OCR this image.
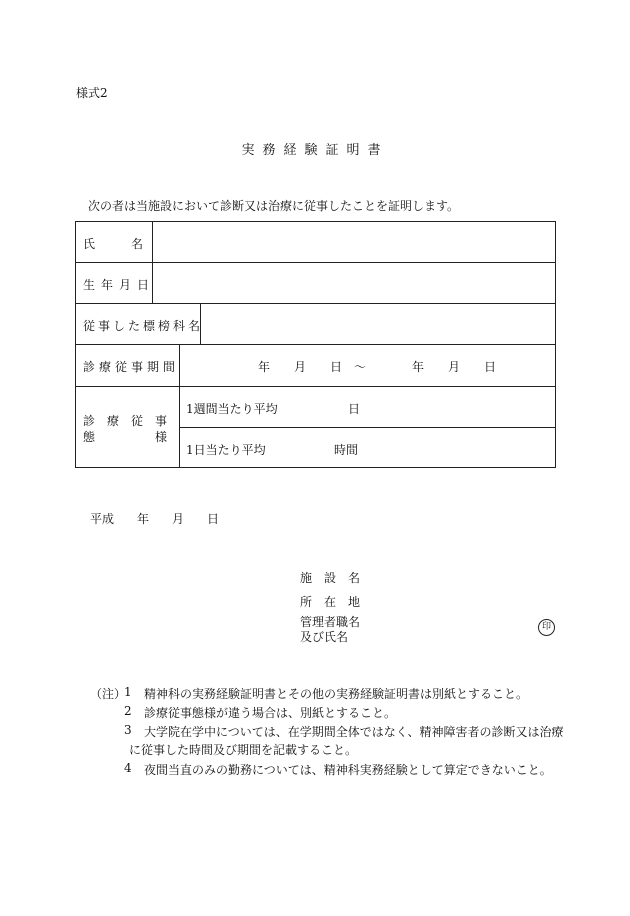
様式2
実務経験証明書
次の者は当施設において診断又は治療に従事したことを証明します。
氏　　　名
生年月日
従事した標榜科名
診療従事期間	年 月 日 〜	年 月 日
診　療　従　事
態　　　　　様
1週間当たり平均	日
1日当たり平均	時間
平成 年 月 日
施　設　名
所　在　地
管理者職名
及び氏名
印
（注）
1 精神科の実務経験証明書とその他の実務経験証明書は別紙とすること。
2 診療従事態様が違う場合は、別紙とすること。
3 大学院在学中については、在学期間全体ではなく、精神障害者の診断又は治療
に従事した時間及び期間を記載すること。
4 夜間当直のみの勤務については、精神科実務経験として算定できないこと。
